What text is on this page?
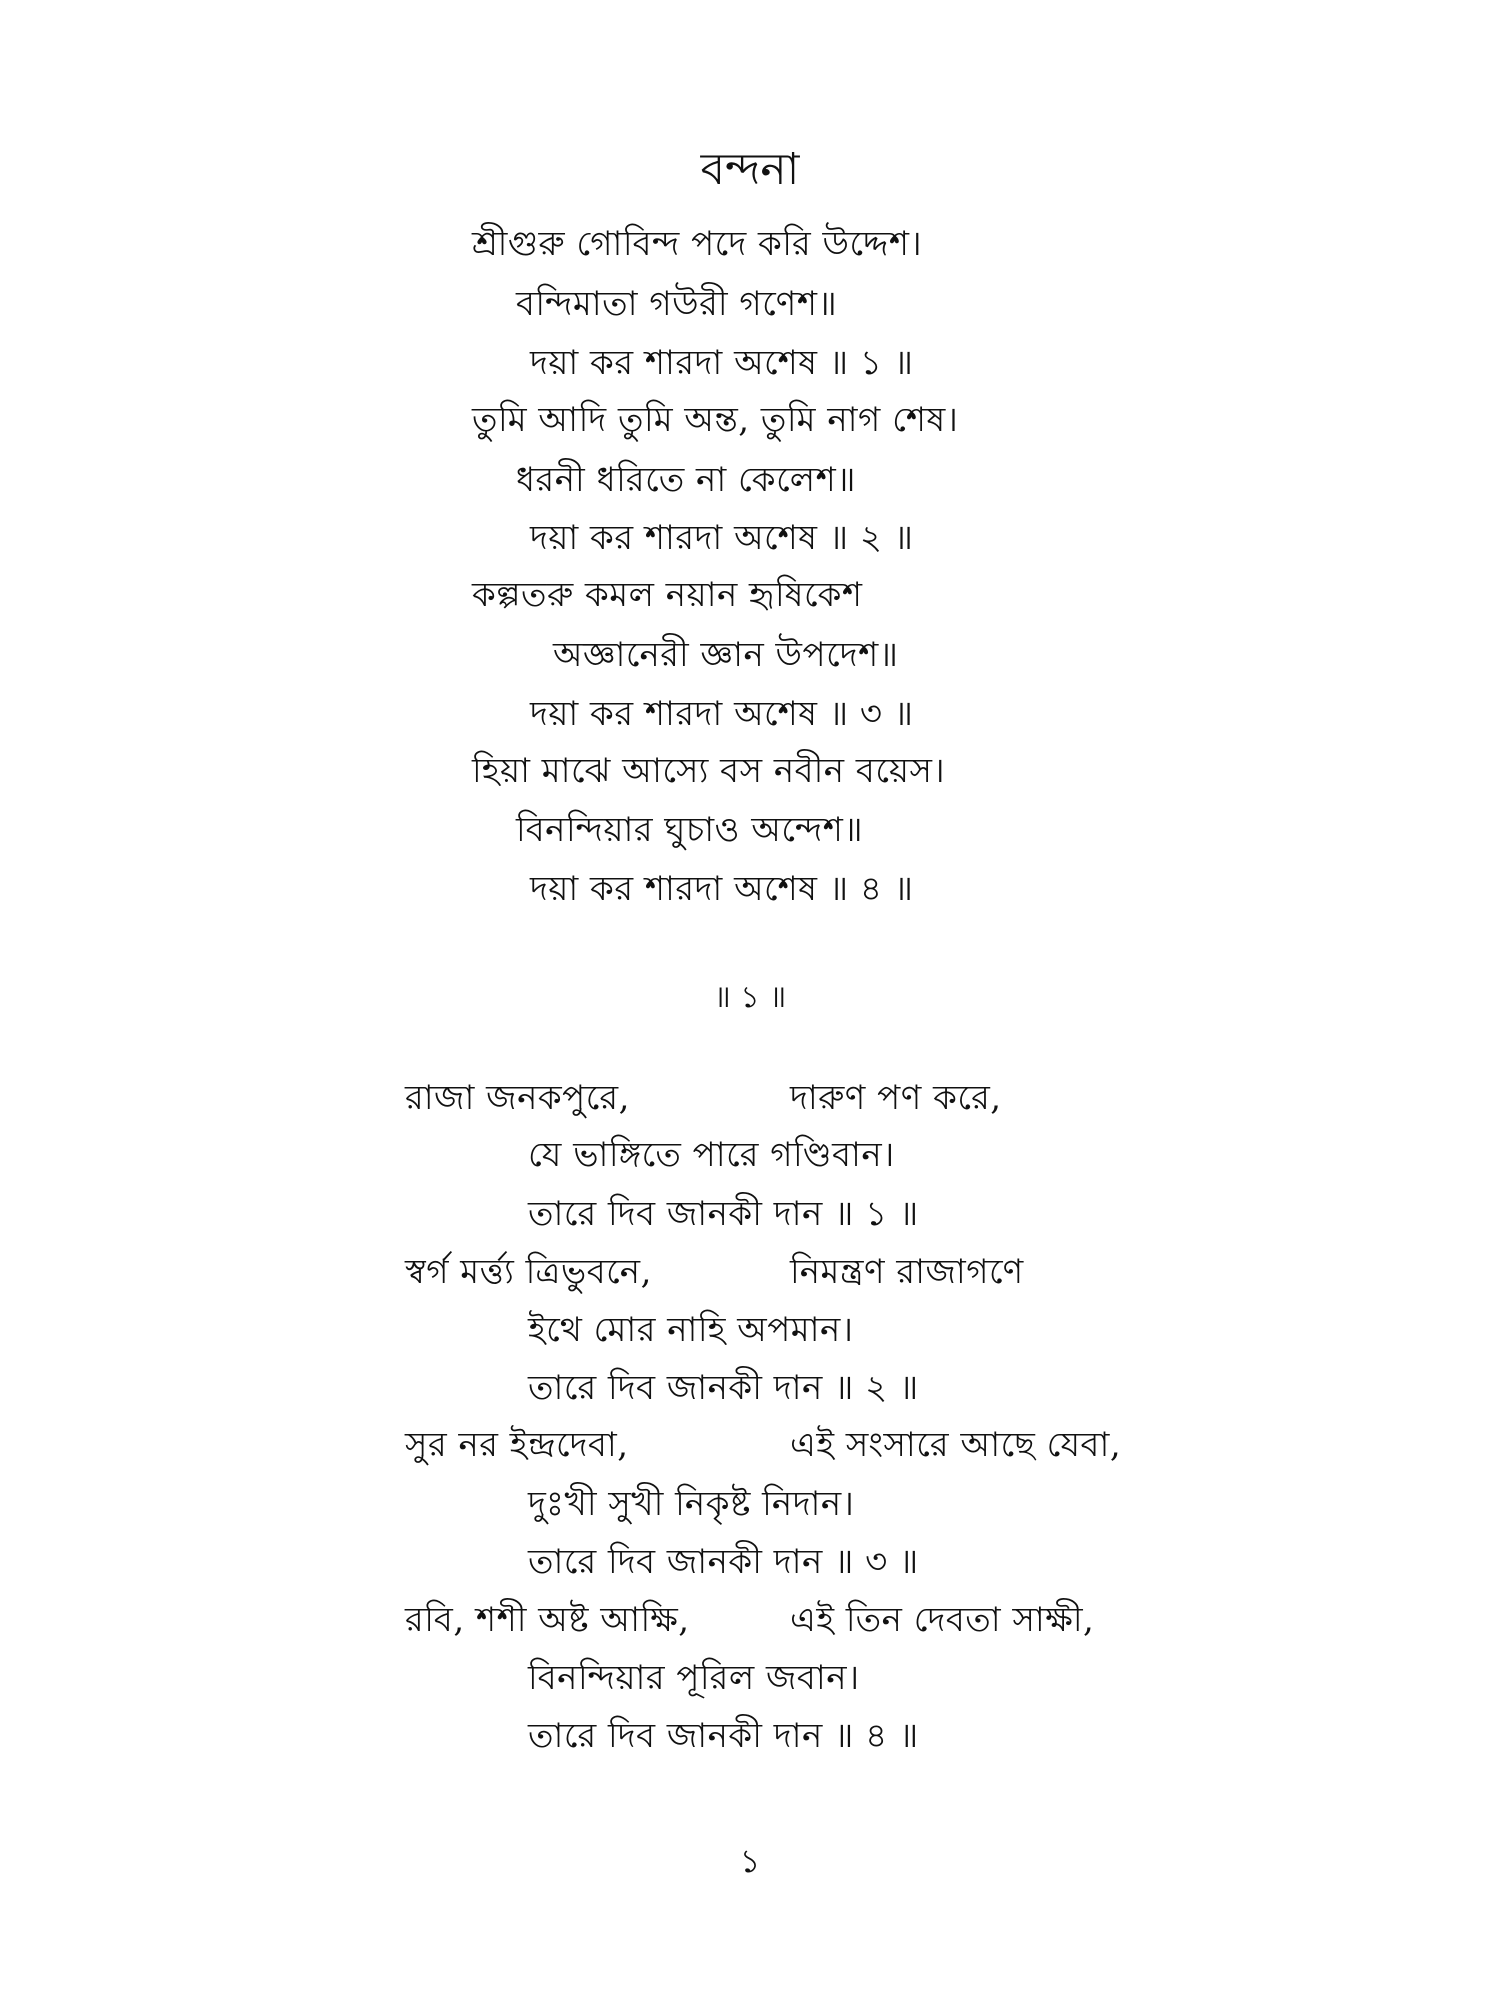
বন্দনা
শ্রীগুরু গোবিন্দ পদে করি উদ্দেশ।
বন্দিমাতা গউরী গণেশ॥
দয়া কর শারদা অশেষ ॥ ১ ॥
তুমি আদি তুমি অন্ত, তুমি নাগ শেষ।
ধরনী ধরিতে না কেলেশ॥
দয়া কর শারদা অশেষ ॥ ২ ॥
কল্পতরু কমল নয়ান হৃষিকেশ
অজ্ঞানেরী জ্ঞান উপদেশ॥
দয়া কর শারদা অশেষ ॥ ৩ ॥
হিয়া মাঝে আস্যে বস নবীন বয়েস।
বিনন্দিয়ার ঘুচাও অন্দেশ॥
দয়া কর শারদা অশেষ ॥ ৪ ॥
॥ ১ ॥
রাজা জনকপুরে,	দারুণ পণ করে,
যে ভাঙ্গিতে পারে গণ্ডিবান।
তারে দিব জানকী দান ॥ ১ ॥
স্বর্গ মর্ত্ত্য ত্রিভুবনে,	নিমন্ত্রণ রাজাগণে
ইথে মোর নাহি অপমান।
তারে দিব জানকী দান ॥ ২ ॥
সুর নর ইন্দ্রদেবা,	এই সংসারে আছে যেবা,
দুঃখী সুখী নিকৃষ্ট নিদান।
তারে দিব জানকী দান ॥ ৩ ॥
রবি, শশী অষ্ট আক্ষি,	এই তিন দেবতা সাক্ষী,
বিনন্দিয়ার পূরিল জবান।
তারে দিব জানকী দান ॥ ৪ ॥
১
